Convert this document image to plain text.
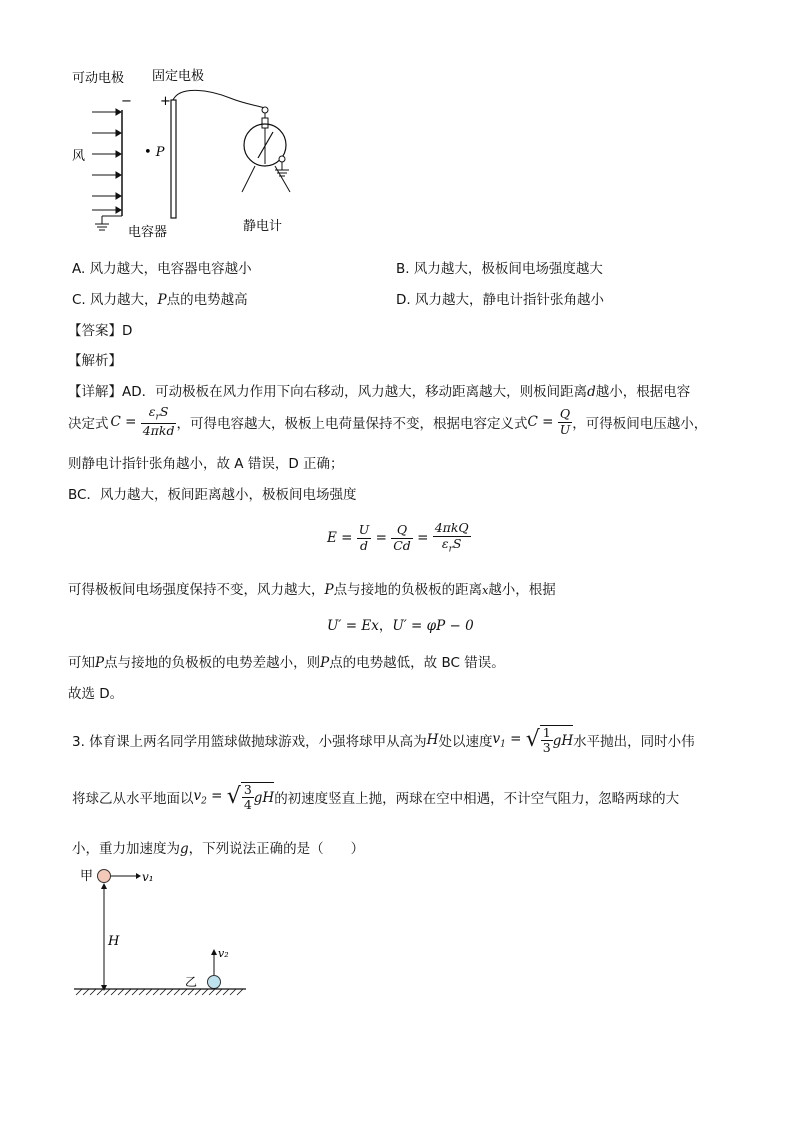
可动电极 固定电极
− +
风	• P
电容器	静电计
A. 风力越大，电容器电容越小	B. 风力越大，极板间电场强度越大
C. 风力越大，P点的电势越高	D. 风力越大，静电计指针张角越小
【答案】D
【解析】
【详解】AD．可动极板在风力作用下向右移动，风力越大，移动距离越大，则板间距离d越小，根据电容
决定式 $C = \frac{\varepsilon_rS}{\text{4πkd}}$ ，可得电容越大，极板上电荷量保持不变，根据电容定义式 $C = \frac{Q}{U}$ ，可得板间电压越小，
则静电计指针张角越小，故 A 错误，D 正确；
BC．风力越大，板间距离越小，极板间电场强度
$E = \frac{U}{d} = \frac{Q}{Cd} = \frac{\text{4πkQ}}{\varepsilon_rS}$
可得极板间电场强度保持不变，风力越大，P点与接地的负极板的距离x越小，根据
U′ = Ex，U′ = φP − 0
可知P点与接地的负极板的电势差越小，则P点的电势越低，故 BC 错误。
故选 D。
3. 体育课上两名同学用篮球做抛球游戏，小强将球甲从高为 H 处以速度 $v_1$ = √ $\frac{1}{3}$ gH 水平抛出，同时小伟
将球乙从水平地面以 $v_2$ = √ $\frac{3}{4}$ gH 的初速度竖直上抛，两球在空中相遇，不计空气阻力，忽略两球的大
小，重力加速度为g，下列说法正确的是（　　）
甲	v₁
H
v₂
乙
